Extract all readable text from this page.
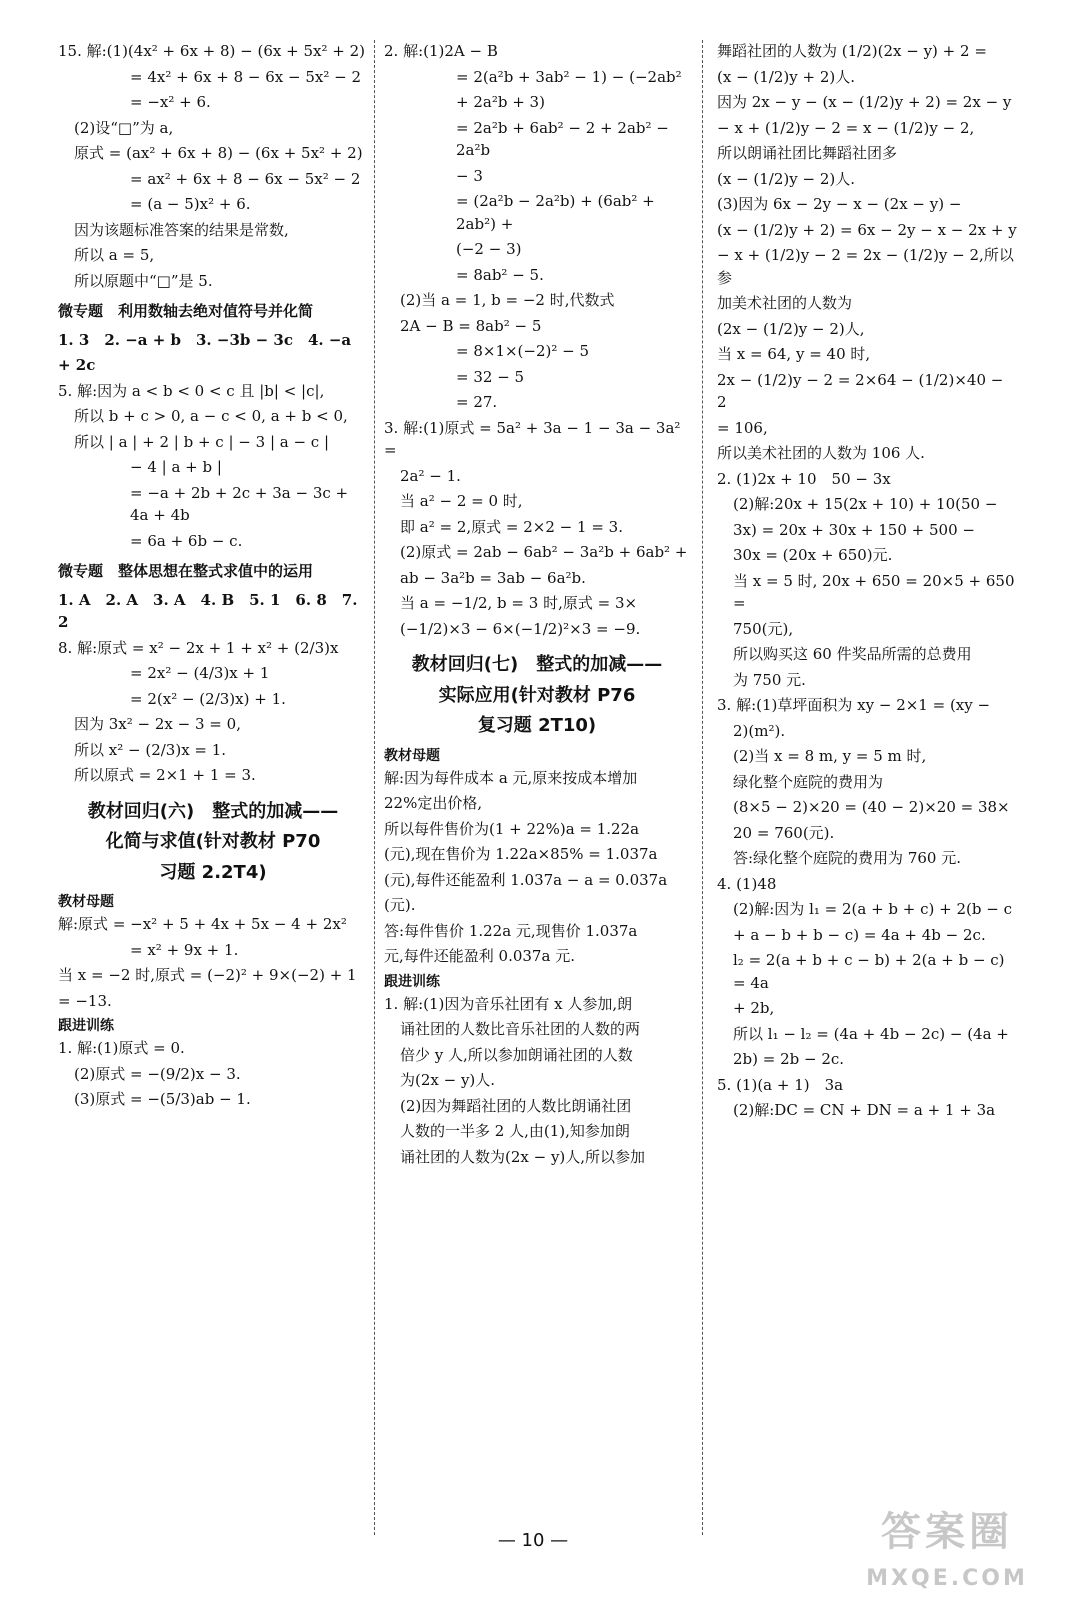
15. 解:(1)(4x² + 6x + 8) − (6x + 5x² + 2)
= 4x² + 6x + 8 − 6x − 5x² − 2
= −x² + 6.
(2)设“□”为 a,
原式 = (ax² + 6x + 8) − (6x + 5x² + 2)
= ax² + 6x + 8 − 6x − 5x² − 2
= (a − 5)x² + 6.
因为该题标准答案的结果是常数,
所以 a = 5,
所以原题中“□”是 5.
微专题　利用数轴去绝对值符号并化简
1. 3　2. −a + b　3. −3b − 3c　4. −a
+ 2c
5. 解:因为 a < b < 0 < c 且 |b| < |c|,
所以 b + c > 0, a − c < 0, a + b < 0,
所以 | a | + 2 | b + c | − 3 | a − c |
− 4 | a + b |
= −a + 2b + 2c + 3a − 3c + 4a + 4b
= 6a + 6b − c.
微专题　整体思想在整式求值中的运用
1. A　2. A　3. A　4. B　5. 1　6. 8　7. 2
8. 解:原式 = x² − 2x + 1 + x² + (2/3)x
= 2x² − (4/3)x + 1
= 2(x² − (2/3)x) + 1.
因为 3x² − 2x − 3 = 0,
所以 x² − (2/3)x = 1.
所以原式 = 2×1 + 1 = 3.
教材回归(六)　整式的加减——
化简与求值(针对教材 P70
习题 2.2T4)
教材母题
解:原式 = −x² + 5 + 4x + 5x − 4 + 2x²
= x² + 9x + 1.
当 x = −2 时,原式 = (−2)² + 9×(−2) + 1
= −13.
跟进训练
1. 解:(1)原式 = 0.
(2)原式 = −(9/2)x − 3.
(3)原式 = −(5/3)ab − 1.
2. 解:(1)2A − B
= 2(a²b + 3ab² − 1) − (−2ab²
+ 2a²b + 3)
= 2a²b + 6ab² − 2 + 2ab² − 2a²b
− 3
= (2a²b − 2a²b) + (6ab² + 2ab²) +
(−2 − 3)
= 8ab² − 5.
(2)当 a = 1, b = −2 时,代数式
2A − B = 8ab² − 5
= 8×1×(−2)² − 5
= 32 − 5
= 27.
3. 解:(1)原式 = 5a² + 3a − 1 − 3a − 3a² =
2a² − 1.
当 a² − 2 = 0 时,
即 a² = 2,原式 = 2×2 − 1 = 3.
(2)原式 = 2ab − 6ab² − 3a²b + 6ab² +
ab − 3a²b = 3ab − 6a²b.
当 a = −1/2, b = 3 时,原式 = 3×
(−1/2)×3 − 6×(−1/2)²×3 = −9.
教材回归(七)　整式的加减——
实际应用(针对教材 P76
复习题 2T10)
教材母题
解:因为每件成本 a 元,原来按成本增加
22%定出价格,
所以每件售价为(1 + 22%)a = 1.22a
(元),现在售价为 1.22a×85% = 1.037a
(元),每件还能盈利 1.037a − a = 0.037a
(元).
答:每件售价 1.22a 元,现售价 1.037a
元,每件还能盈利 0.037a 元.
跟进训练
1. 解:(1)因为音乐社团有 x 人参加,朗
诵社团的人数比音乐社团的人数的两
倍少 y 人,所以参加朗诵社团的人数
为(2x − y)人.
(2)因为舞蹈社团的人数比朗诵社团
人数的一半多 2 人,由(1),知参加朗
诵社团的人数为(2x − y)人,所以参加
舞蹈社团的人数为 (1/2)(2x − y) + 2 =
(x − (1/2)y + 2)人.
因为 2x − y − (x − (1/2)y + 2) = 2x − y
− x + (1/2)y − 2 = x − (1/2)y − 2,
所以朗诵社团比舞蹈社团多
(x − (1/2)y − 2)人.
(3)因为 6x − 2y − x − (2x − y) −
(x − (1/2)y + 2) = 6x − 2y − x − 2x + y
− x + (1/2)y − 2 = 2x − (1/2)y − 2,所以参
加美术社团的人数为
(2x − (1/2)y − 2)人,
当 x = 64, y = 40 时,
2x − (1/2)y − 2 = 2×64 − (1/2)×40 − 2
= 106,
所以美术社团的人数为 106 人.
2. (1)2x + 10　50 − 3x
(2)解:20x + 15(2x + 10) + 10(50 −
3x) = 20x + 30x + 150 + 500 −
30x = (20x + 650)元.
当 x = 5 时, 20x + 650 = 20×5 + 650 =
750(元),
所以购买这 60 件奖品所需的总费用
为 750 元.
3. 解:(1)草坪面积为 xy − 2×1 = (xy −
2)(m²).
(2)当 x = 8 m, y = 5 m 时,
绿化整个庭院的费用为
(8×5 − 2)×20 = (40 − 2)×20 = 38×
20 = 760(元).
答:绿化整个庭院的费用为 760 元.
4. (1)48
(2)解:因为 l₁ = 2(a + b + c) + 2(b − c
+ a − b + b − c) = 4a + 4b − 2c.
l₂ = 2(a + b + c − b) + 2(a + b − c) = 4a
+ 2b,
所以 l₁ − l₂ = (4a + 4b − 2c) − (4a +
2b) = 2b − 2c.
5. (1)(a + 1)　3a
(2)解:DC = CN + DN = a + 1 + 3a
— 10 —	答案圈
MXQE.COM
